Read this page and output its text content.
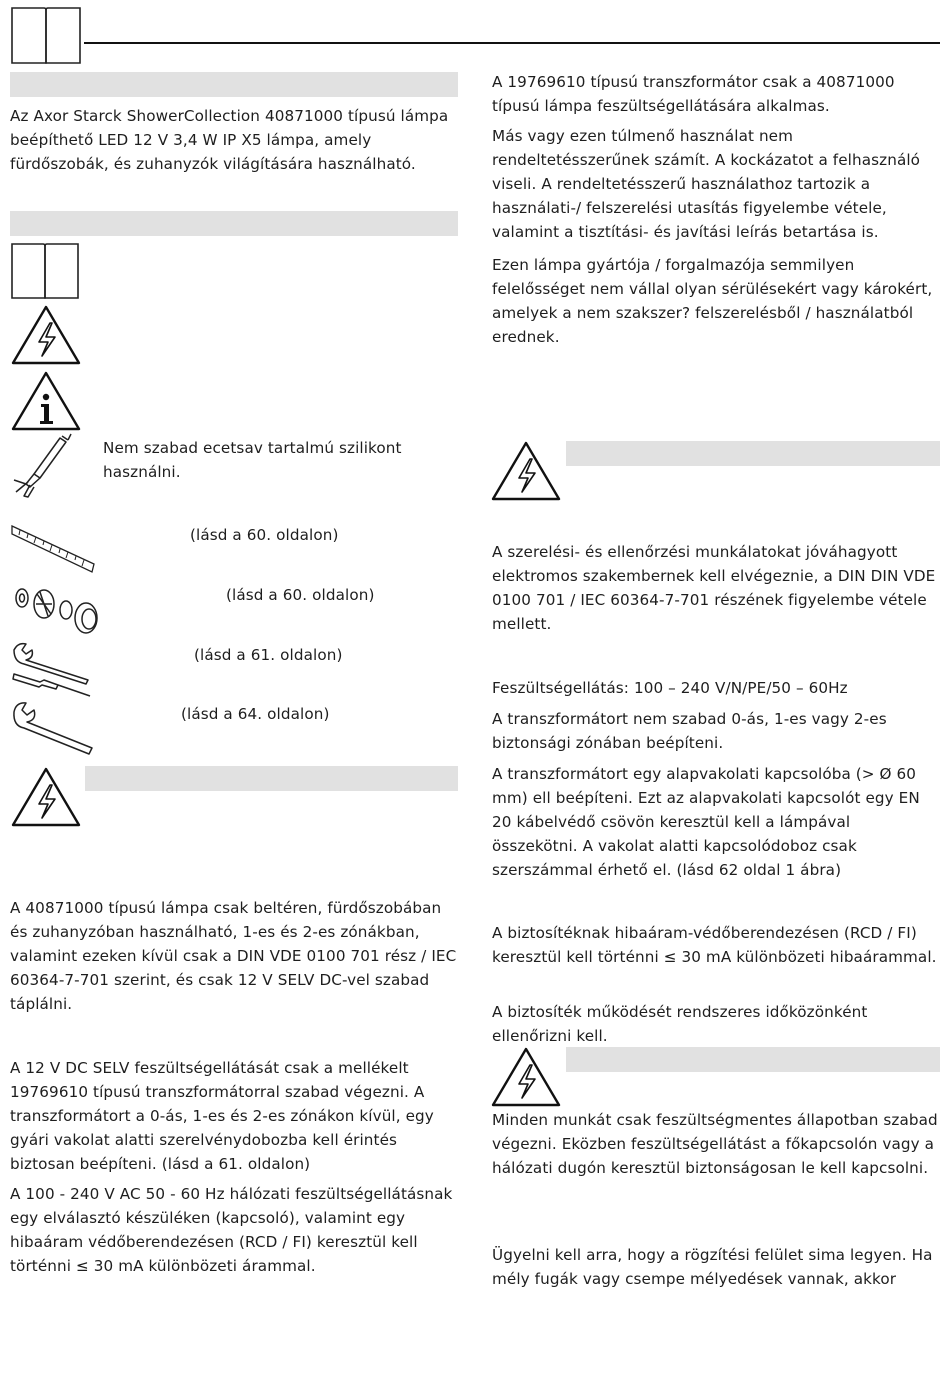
Az Axor Starck ShowerCollection 40871000 típusú lámpa beépíthető LED 12 V 3,4 W IP X5 lámpa, amely fürdőszobák, és zuhanyzók világítására használható.

Nem szabad ecetsav tartalmú szilikont használni.

(lásd a 60. oldalon)

(lásd a 60. oldalon)

(lásd a 61. oldalon)

(lásd a 64. oldalon)

A 40871000 típusú lámpa csak beltéren, fürdőszobában és zuhanyzóban használható, 1-es és 2-es zónákban, valamint ezeken kívül csak a DIN VDE 0100 701 rész / IEC 60364-7-701 szerint, és csak 12 V SELV DC-vel szabad táplálni.

A 12 V DC SELV feszültségellátását csak a mellékelt 19769610 típusú transzformátorral szabad végezni. A transzformátort a 0-ás, 1-es és 2-es zónákon kívül, egy gyári vakolat alatti szerelvénydobozba kell érintés biztosan beépíteni. (lásd a 61. oldalon)

A 100 - 240 V AC 50 - 60 Hz hálózati feszültségellátásnak egy elválasztó készüléken (kapcsoló), valamint egy hibaáram védőberendezésen (RCD / FI) keresztül kell történni ≤ 30 mA különbözeti árammal.

A 19769610 típusú transzformátor csak a 40871000 típusú lámpa feszültségellátására alkalmas.

Más vagy ezen túlmenő használat nem rendeltetésszerűnek számít. A kockázatot a felhasználó viseli. A rendeltetésszerű használathoz tartozik a használati-/ felszerelési utasítás figyelembe vétele, valamint a tisztítási- és javítási leírás betartása is.

Ezen lámpa gyártója / forgalmazója semmilyen felelősséget nem vállal olyan sérülésekért vagy károkért, amelyek a nem szakszer? felszerelésből / használatból erednek.

A szerelési- és ellenőrzési munkálatokat jóváhagyott elektromos szakembernek kell elvégeznie, a DIN DIN VDE 0100 701 / IEC 60364-7-701 részének figyelembe vétele mellett.

Feszültségellátás: 100 – 240 V/N/PE/50 – 60Hz

A transzformátort nem szabad 0-ás, 1-es vagy 2-es biztonsági zónában beépíteni.

A transzformátort egy alapvakolati kapcsolóba (> Ø 60 mm) ell beépíteni. Ezt az alapvakolati kapcsolót egy EN 20 kábelvédő csövön keresztül kell a lámpával összekötni. A vakolat alatti kapcsolódoboz csak szerszámmal érhető el. (lásd 62 oldal 1 ábra)

A biztosítéknak hibaáram-védőberendezésen (RCD / FI) keresztül kell történni ≤ 30 mA különbözeti hibaárammal.

A biztosíték működését rendszeres időközönként ellenőrizni kell.

Minden munkát csak feszültségmentes állapotban szabad végezni. Eközben feszültségellátást a főkapcsolón vagy a hálózati dugón keresztül biztonságosan le kell kapcsolni.

Ügyelni kell arra, hogy a rögzítési felület sima legyen. Ha mély fugák vagy csempe mélyedések vannak, akkor
